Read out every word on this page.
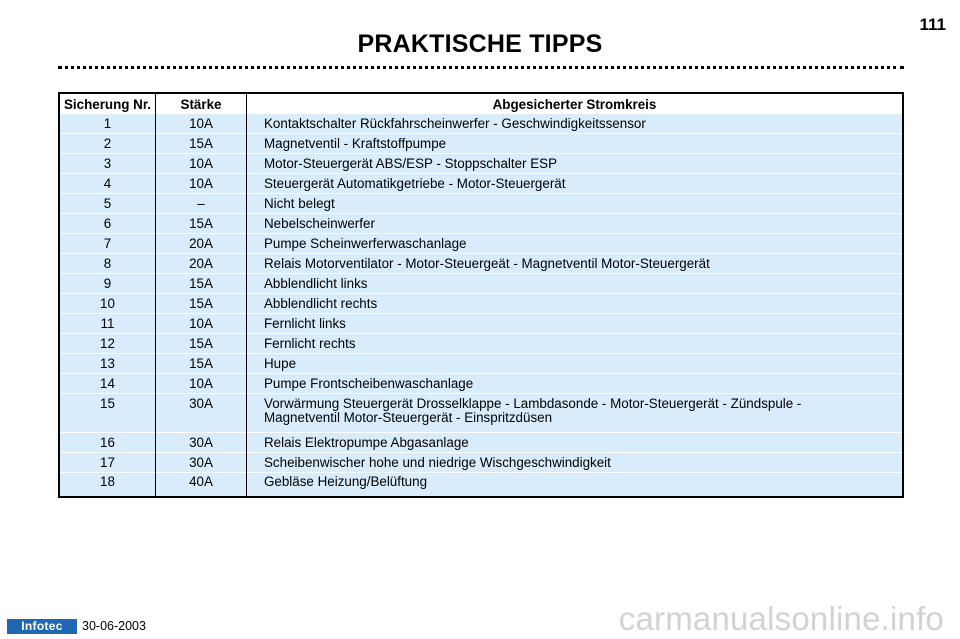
111
PRAKTISCHE TIPPS
Sicherung Nr.	Stärke	Abgesicherter Stromkreis
1	10A	Kontaktschalter Rückfahrscheinwerfer - Geschwindigkeitssensor
2	15A	Magnetventil - Kraftstoffpumpe
3	10A	Motor-Steuergerät ABS/ESP - Stoppschalter ESP
4	10A	Steuergerät Automatikgetriebe - Motor-Steuergerät
5	–	Nicht belegt
6	15A	Nebelscheinwerfer
7	20A	Pumpe Scheinwerferwaschanlage
8	20A	Relais Motorventilator - Motor-Steuergeät - Magnetventil Motor-Steuergerät
9	15A	Abblendlicht links
10	15A	Abblendlicht rechts
11	10A	Fernlicht links
12	15A	Fernlicht rechts
13	15A	Hupe
14	10A	Pumpe Frontscheibenwaschanlage
15	30A	Vorwärmung Steuergerät Drosselklappe - Lambdasonde - Motor-Steuergerät - Zündspule -
Magnetventil Motor-Steuergerät - Einspritzdüsen

16	30A	Relais Elektropumpe Abgasanlage
17	30A	Scheibenwischer hohe und niedrige Wischgeschwindigkeit
18	40A	Gebläse Heizung/Belüftung
Infotec	30-06-2003	carmanualsonline.info
